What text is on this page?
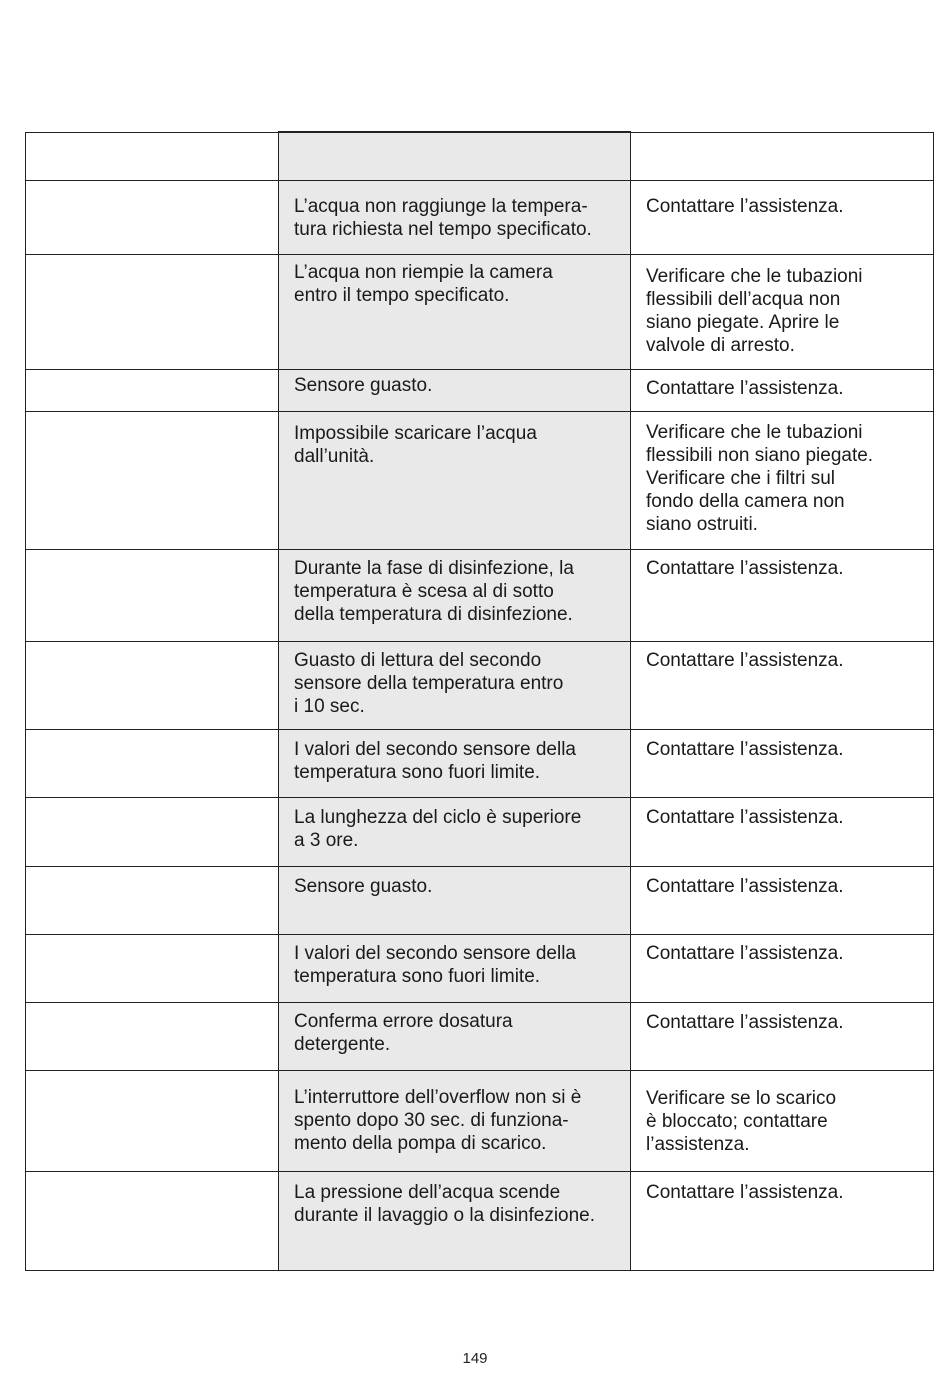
	L’acqua non raggiunge la tempera-
tura richiesta nel tempo specificato.	Contattare l’assistenza.
	L’acqua non riempie la camera
entro il tempo specificato.	Verificare che le tubazioni
flessibili dell’acqua non
siano piegate. Aprire le
valvole di arresto.
	Sensore guasto.	Contattare l’assistenza.
	Impossibile scaricare l’acqua
dall’unità.	Verificare che le tubazioni
flessibili non siano piegate.
Verificare che i filtri sul
fondo della camera non
siano ostruiti.
	Durante la fase di disinfezione, la
temperatura è scesa al di sotto
della temperatura di disinfezione.	Contattare l’assistenza.
	Guasto di lettura del secondo
sensore della temperatura entro
i 10 sec.	Contattare l’assistenza.
	I valori del secondo sensore della
temperatura sono fuori limite.	Contattare l’assistenza.
	La lunghezza del ciclo è superiore
a 3 ore.	Contattare l’assistenza.
	Sensore guasto.	Contattare l’assistenza.
	I valori del secondo sensore della
temperatura sono fuori limite.	Contattare l’assistenza.
	Conferma errore dosatura
detergente.	Contattare l’assistenza.
	L’interruttore dell’overflow non si è
spento dopo 30 sec. di funziona-
mento della pompa di scarico.	Verificare se lo scarico
è bloccato; contattare
l’assistenza.
	La pressione dell’acqua scende
durante il lavaggio o la disinfezione.	Contattare l’assistenza.
149
